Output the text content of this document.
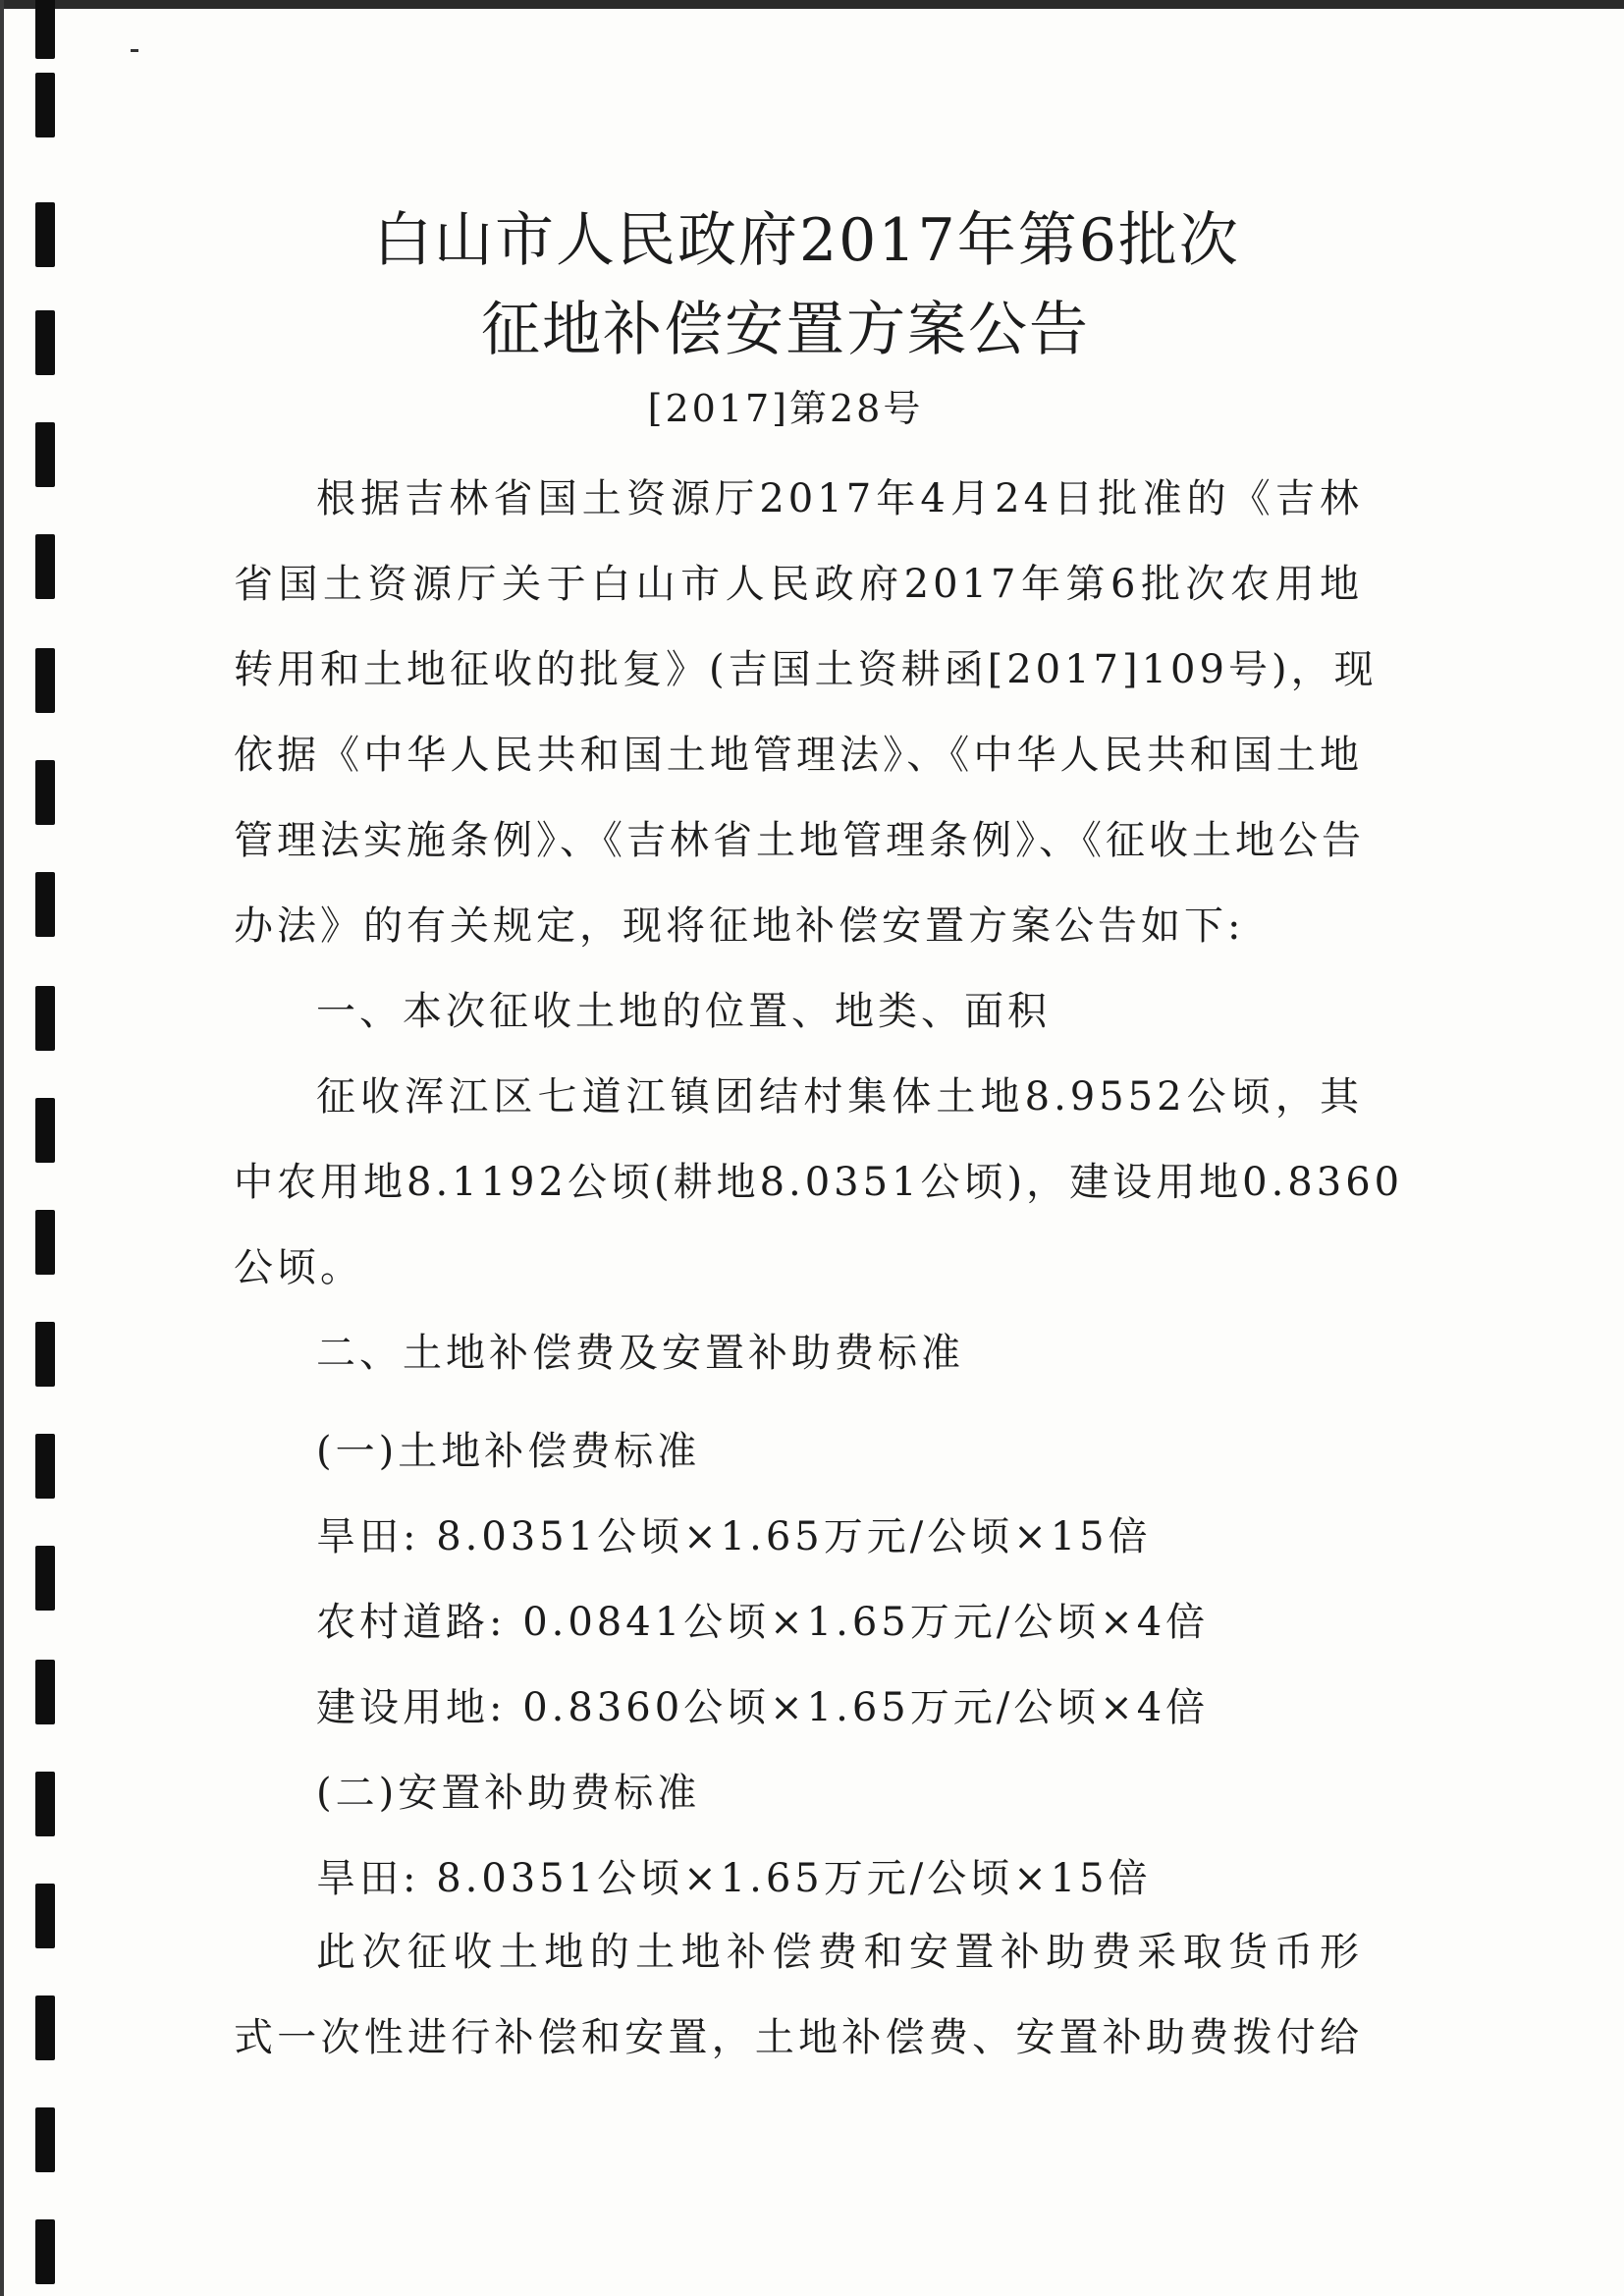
白山市人民政府2017年第6批次
征地补偿安置方案公告
[2017]第28号
根据吉林省国土资源厅2017年4月24日批准的《吉林
省国土资源厅关于白山市人民政府2017年第6批次农用地
转用和土地征收的批复》(吉国土资耕函[2017]109号)，现
依据《中华人民共和国土地管理法》、《中华人民共和国土地
管理法实施条例》、《吉林省土地管理条例》、《征收土地公告
办法》的有关规定，现将征地补偿安置方案公告如下:
一、本次征收土地的位置、地类、面积
征收浑江区七道江镇团结村集体土地8.9552公顷，其
中农用地8.1192公顷(耕地8.0351公顷)，建设用地0.8360
公顷。
二、土地补偿费及安置补助费标准
(一)土地补偿费标准
旱田: 8.0351公顷×1.65万元/公顷×15倍
农村道路: 0.0841公顷×1.65万元/公顷×4倍
建设用地: 0.8360公顷×1.65万元/公顷×4倍
(二)安置补助费标准
旱田: 8.0351公顷×1.65万元/公顷×15倍
此次征收土地的土地补偿费和安置补助费采取货币形
式一次性进行补偿和安置，土地补偿费、安置补助费拨付给
